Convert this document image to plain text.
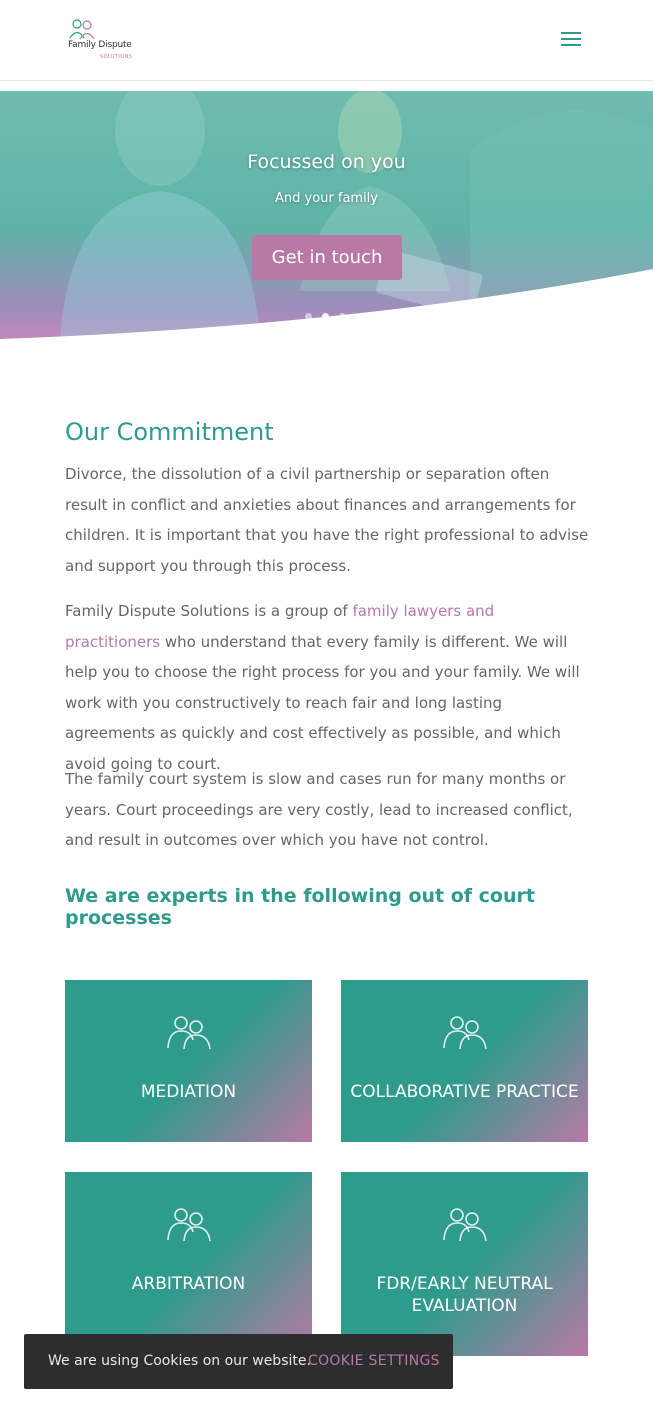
Family Dispute
SOLUTIONS
Focussed on you
And your family
Get in touch
Our Commitment

Divorce, the dissolution of a civil partnership or separation often result in conflict and anxieties about finances and arrangements for children. It is important that you have the right professional to advise and support you through this process.

Family Dispute Solutions is a group of family lawyers and practitioners who understand that every family is different. We will help you to choose the right process for you and your family. We will work with you constructively to reach fair and long lasting agreements as quickly and cost effectively as possible, and which avoid going to court.

The family court system is slow and cases run for many months or years. Court proceedings are very costly, lead to increased conflict, and result in outcomes over which you have not control.

We are experts in the following out of court processes
MEDIATION	COLLABORATIVE PRACTICE
ARBITRATION	FDR/EARLY NEUTRAL EVALUATION
We are using Cookies on our website.
COOKIE SETTINGS
